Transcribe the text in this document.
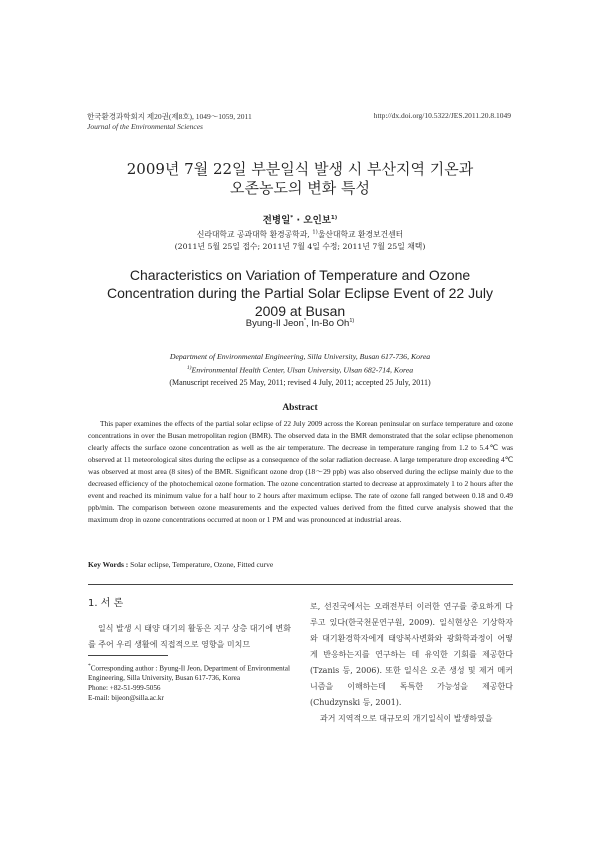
한국환경과학회지 제20권(제8호), 1049～1059, 2011
Journal of the Environmental Sciences
http://dx.doi.org/10.5322/JES.2011.20.8.1049
2009년 7월 22일 부분일식 발생 시 부산지역 기온과
오존농도의 변화 특성
전병일* · 오인보$^{1)}$
신라대학교 공과대학 환경공학과, $^{1)}$울산대학교 환경보건센터
(2011년 5월 25일 접수; 2011년 7월 4일 수정; 2011년 7월 25일 채택)
Characteristics on Variation of Temperature and Ozone
Concentration during the Partial Solar Eclipse Event of 22 July
2009 at Busan
Byung-Il Jeon*, In-Bo Oh$^{1)}$
Department of Environmental Engineering, Silla University, Busan 617-736, Korea
$^{1)}$Environmental Health Center, Ulsan University, Ulsan 682-714, Korea
(Manuscript received 25 May, 2011; revised 4 July, 2011; accepted 25 July, 2011)
Abstract
This paper examines the effects of the partial solar eclipse of 22 July 2009 across the Korean peninsular on surface temperature and ozone concentrations in over the Busan metropolitan region (BMR). The observed data in the BMR demonstrated that the solar eclipse phenomenon clearly affects the surface ozone concentration as well as the air temperature. The decrease in temperature ranging from 1.2 to 5.4℃ was observed at 11 meteorological sites during the eclipse as a consequence of the solar radiation decrease. A large temperature drop exceeding 4℃ was observed at most area (8 sites) of the BMR. Significant ozone drop (18～29 ppb) was also observed during the eclipse mainly due to the decreased efficiency of the photochemical ozone formation. The ozone concentration started to decrease at approximately 1 to 2 hours after the event and reached its minimum value for a half hour to 2 hours after maximum eclipse. The rate of ozone fall ranged between 0.18 and 0.49 ppb/min. The comparison between ozone measurements and the expected values derived from the fitted curve analysis showed that the maximum drop in ozone concentrations occurred at noon or 1 PM and was pronounced at industrial areas.
Key Words : Solar eclipse, Temperature, Ozone, Fitted curve
1. 서 론

일식 발생 시 태양 대기의 활동은 지구 상층 대기에 변화를 주어 우리 생활에 직접적으로 영향을 미치므

*Corresponding author : Byung-Il Jeon, Department of Environmental Engineering, Silla University, Busan 617-736, Korea
Phone: +82-51-999-5056
E-mail: bijeon@silla.ac.kr

로, 선진국에서는 오래전부터 이러한 연구를 중요하게 다루고 있다(한국천문연구원, 2009). 일식현상은 기상학자와 대기환경학자에게 태양복사변화와 광화학과정이 어떻게 반응하는지를 연구하는 데 유익한 기회를 제공한다(Tzanis 등, 2006). 또한 일식은 오존 생성 및 제거 메커니즘을 이해하는데 독특한 가능성을 제공한다(Chudzynski 등, 2001).

과거 지역적으로 대규모의 개기일식이 발생하였을
